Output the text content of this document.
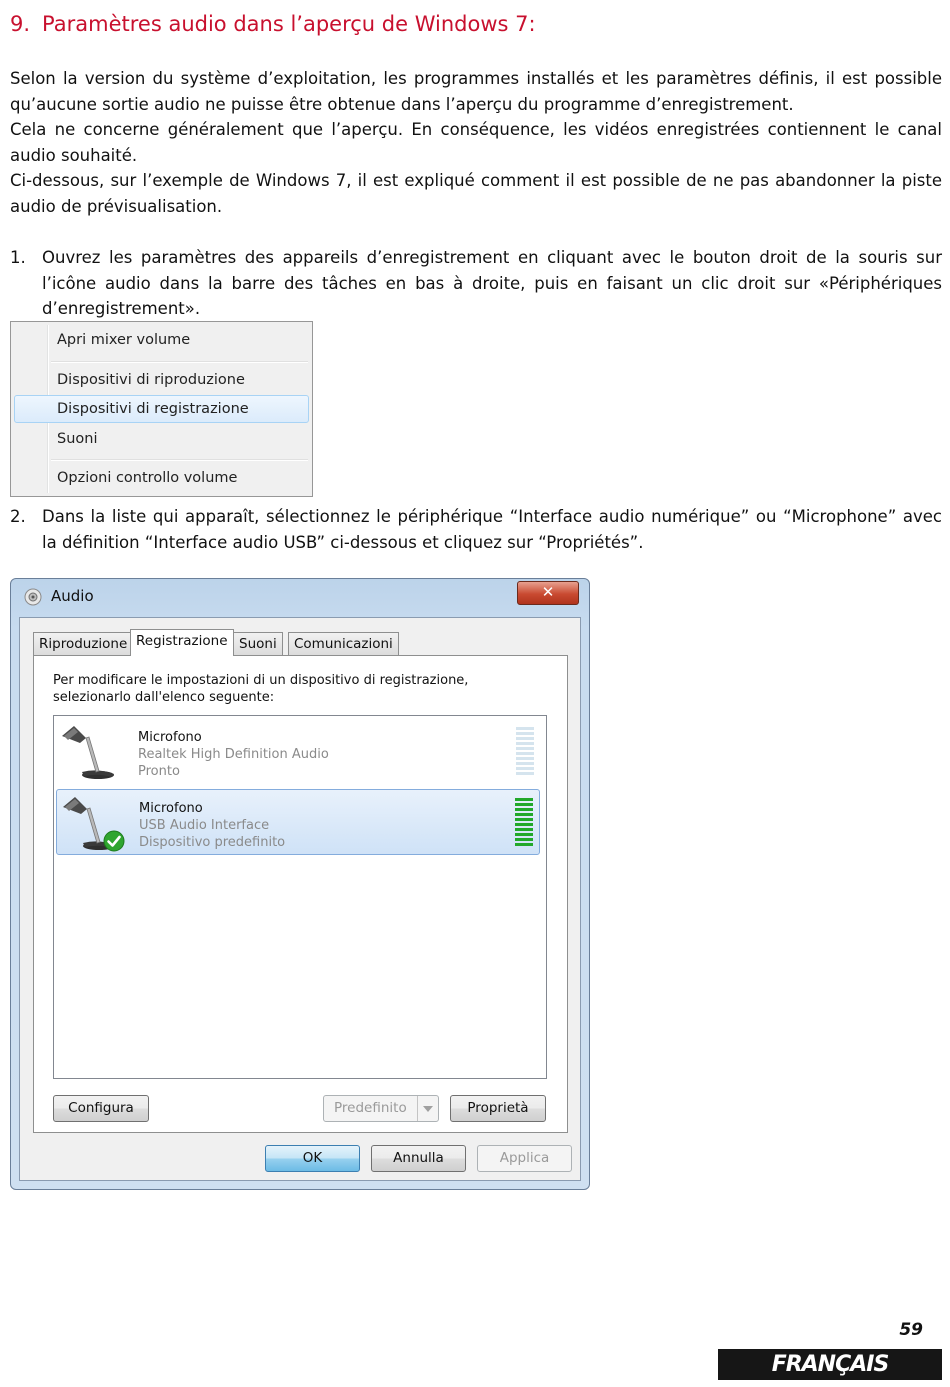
9. Paramètres audio dans l’aperçu de Windows 7:

Selon la version du système d’exploitation, les programmes installés et les paramètres définis, il est possible qu’aucune sortie audio ne puisse être obtenue dans l’aperçu du programme d’enregistrement.

Cela ne concerne généralement que l’aperçu. En conséquence, les vidéos enregistrées contiennent le canal audio souhaité.

Ci-dessous, sur l’exemple de Windows 7, il est expliqué comment il est possible de ne pas abandonner la piste audio de prévisualisation.

1. Ouvrez les paramètres des appareils d’enregistrement en cliquant avec le bouton droit de la souris sur l’icône audio dans la barre des tâches en bas à droite, puis en faisant un clic droit sur «Périphériques d’enregistrement».
Apri mixer volume
Dispositivi di riproduzione
Dispositivi di registrazione
Suoni
Opzioni controllo volume
2. Dans la liste qui apparaît, sélectionnez le périphérique “Interface audio numérique” ou “Microphone” avec la définition “Interface audio USB” ci-dessous et cliquez sur “Propriétés”.
Audio	✕
Riproduzione Registrazione Suoni	Comunicazioni
Per modificare le impostazioni di un dispositivo di registrazione,
selezionarlo dall'elenco seguente:
Microfono
Realtek High Definition Audio
Pronto
Microfono
USB Audio Interface
Dispositivo predefinito
Configura	Predefinito	Proprietà
OK	Annulla	Applica
59
FRANÇAIS
